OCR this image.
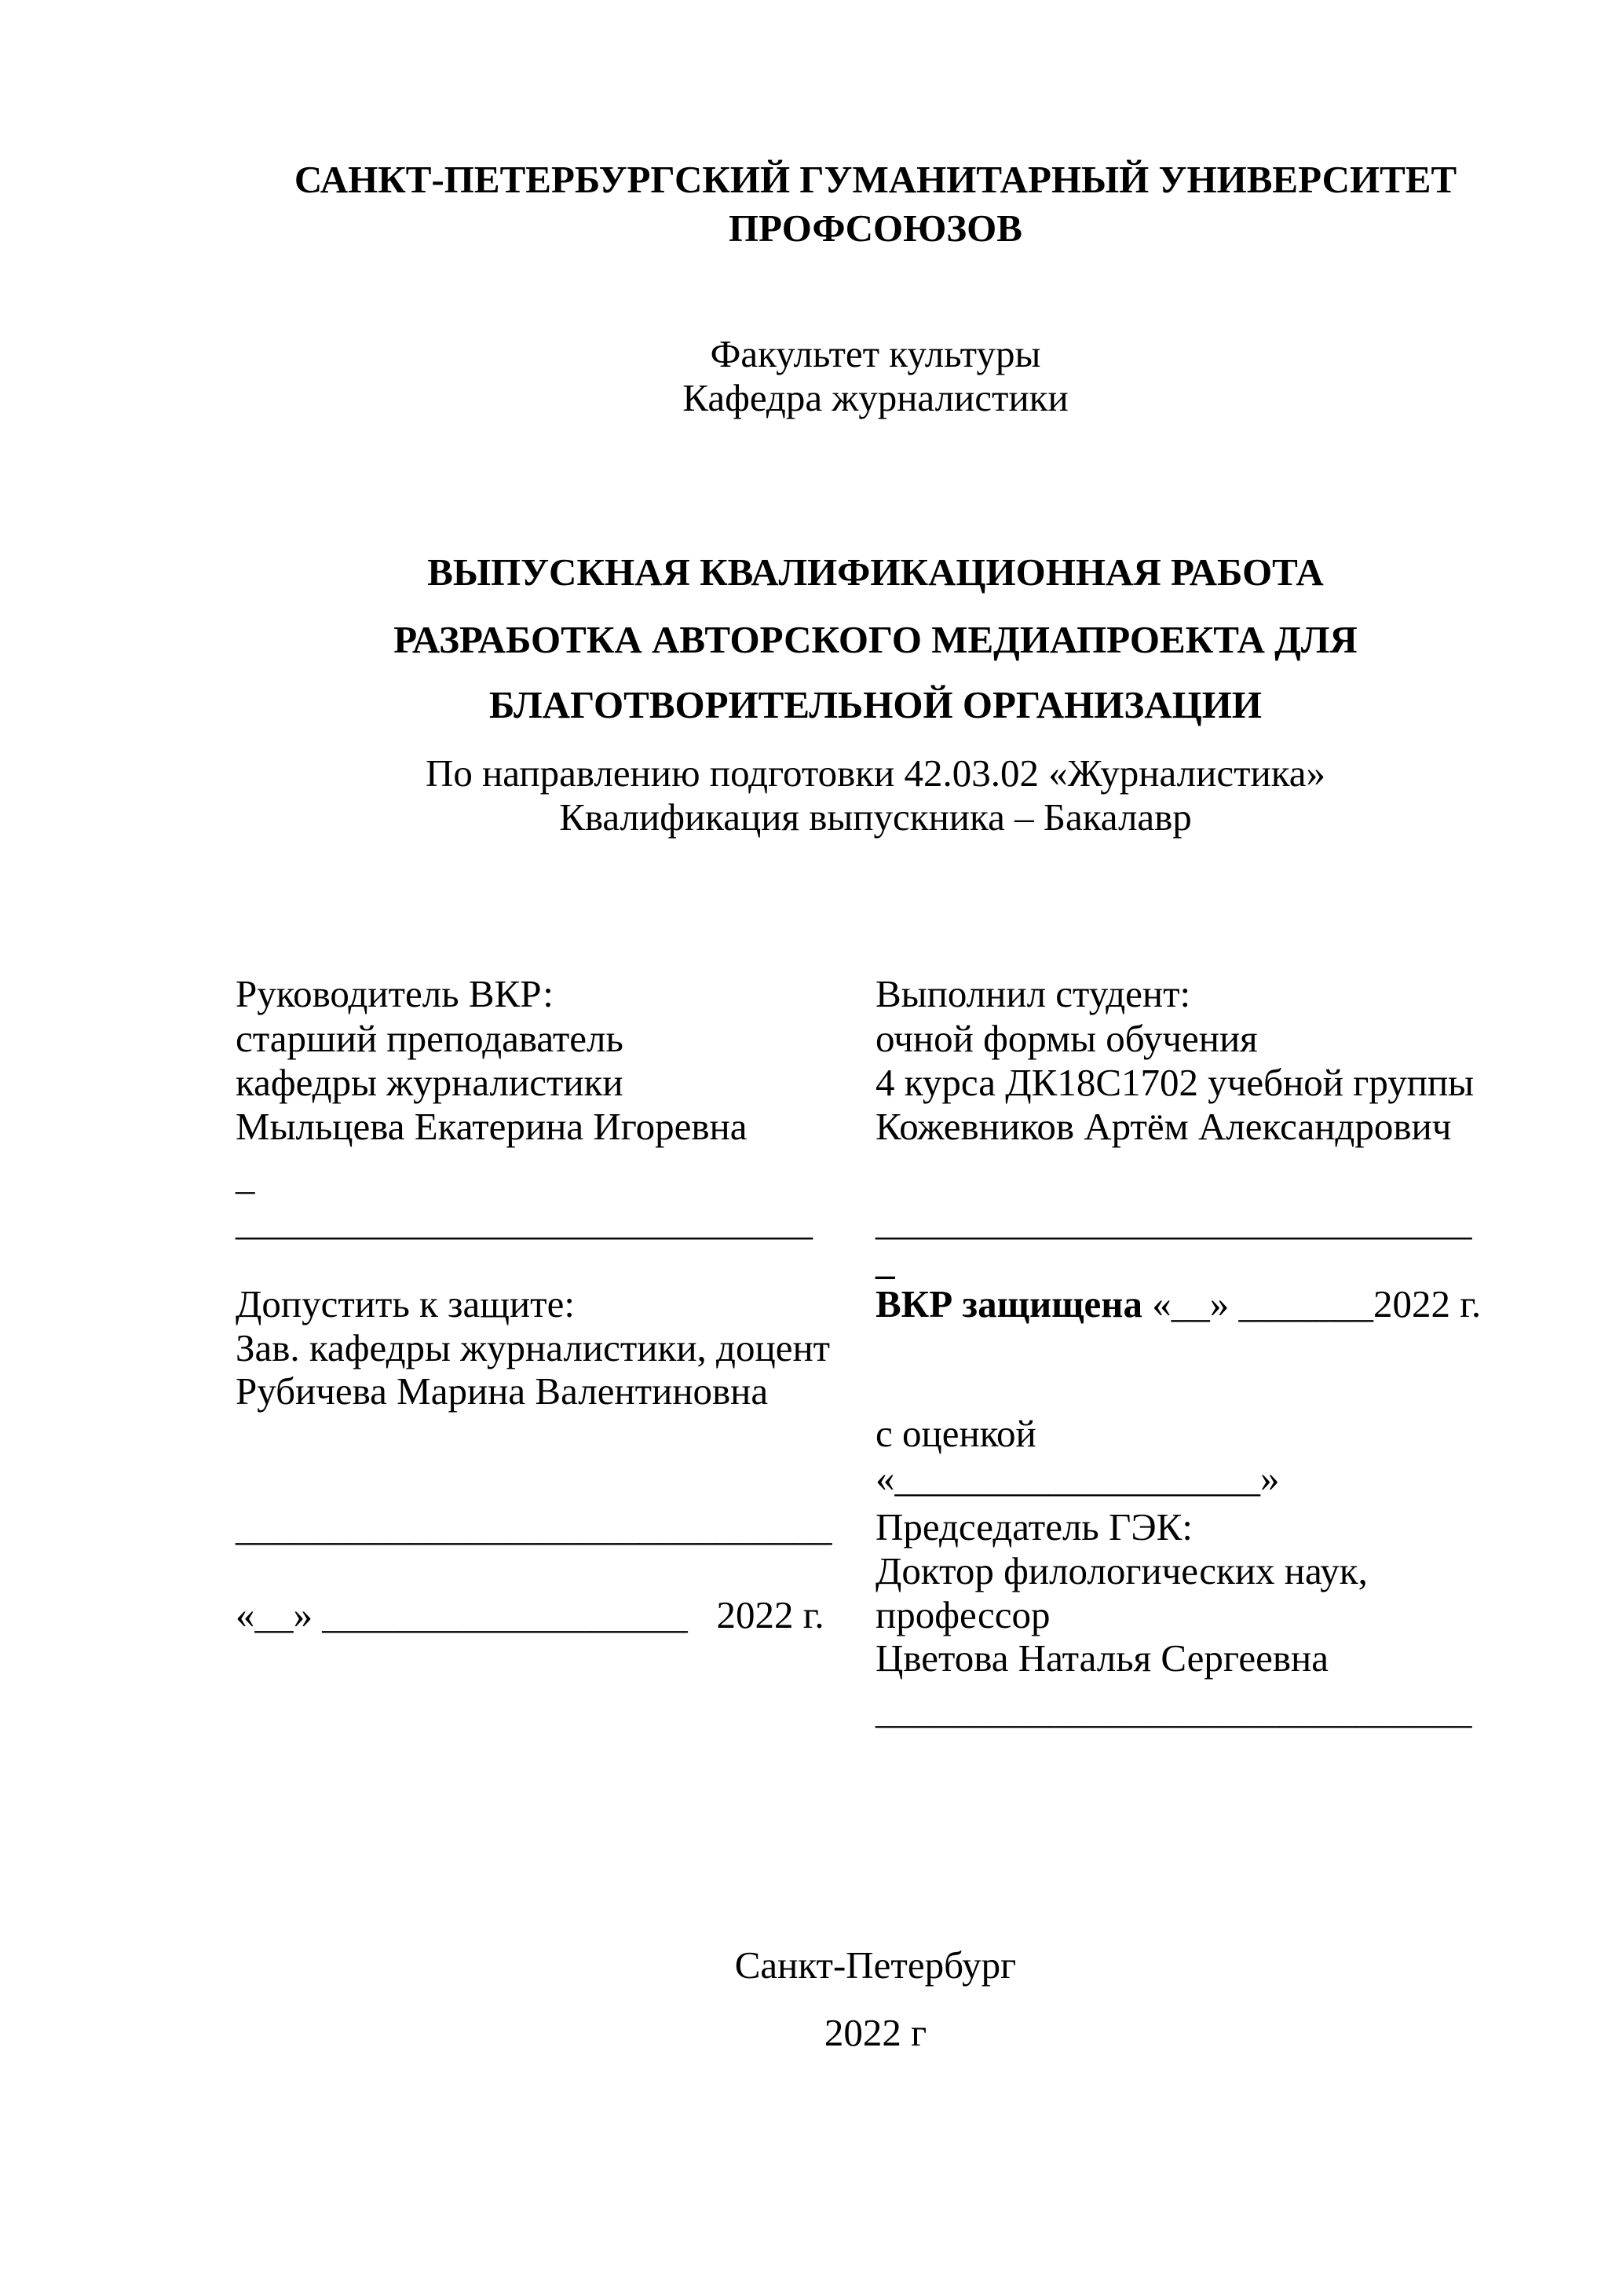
САНКТ-ПЕТЕРБУРГСКИЙ ГУМАНИТАРНЫЙ УНИВЕРСИТЕТ
ПРОФСОЮЗОВ
Факультет культуры
Кафедра журналистики
ВЫПУСКНАЯ КВАЛИФИКАЦИОННАЯ РАБОТА
РАЗРАБОТКА АВТОРСКОГО МЕДИАПРОЕКТА ДЛЯ
БЛАГОТВОРИТЕЛЬНОЙ ОРГАНИЗАЦИИ
По направлению подготовки 42.03.02 «Журналистика»
Квалификация выпускника – Бакалавр
Руководитель ВКР:
старший преподаватель
кафедры журналистики
Мыльцева Екатерина Игоревна
_
______________________________
Допустить к защите:
Зав. кафедры журналистики, доцент
Рубичева Марина Валентиновна
_______________________________
«__» ___________________   2022 г.
Выполнил студент:
очной формы обучения
4 курса ДК18С1702 учебной группы
Кожевников Артём Александрович
_______________________________
_
ВКР защищена «__» _______2022 г.
с оценкой
«___________________»
Председатель ГЭК:
Доктор филологических наук,
профессор
Цветова Наталья Сергеевна
_______________________________
Санкт-Петербург
2022 г
